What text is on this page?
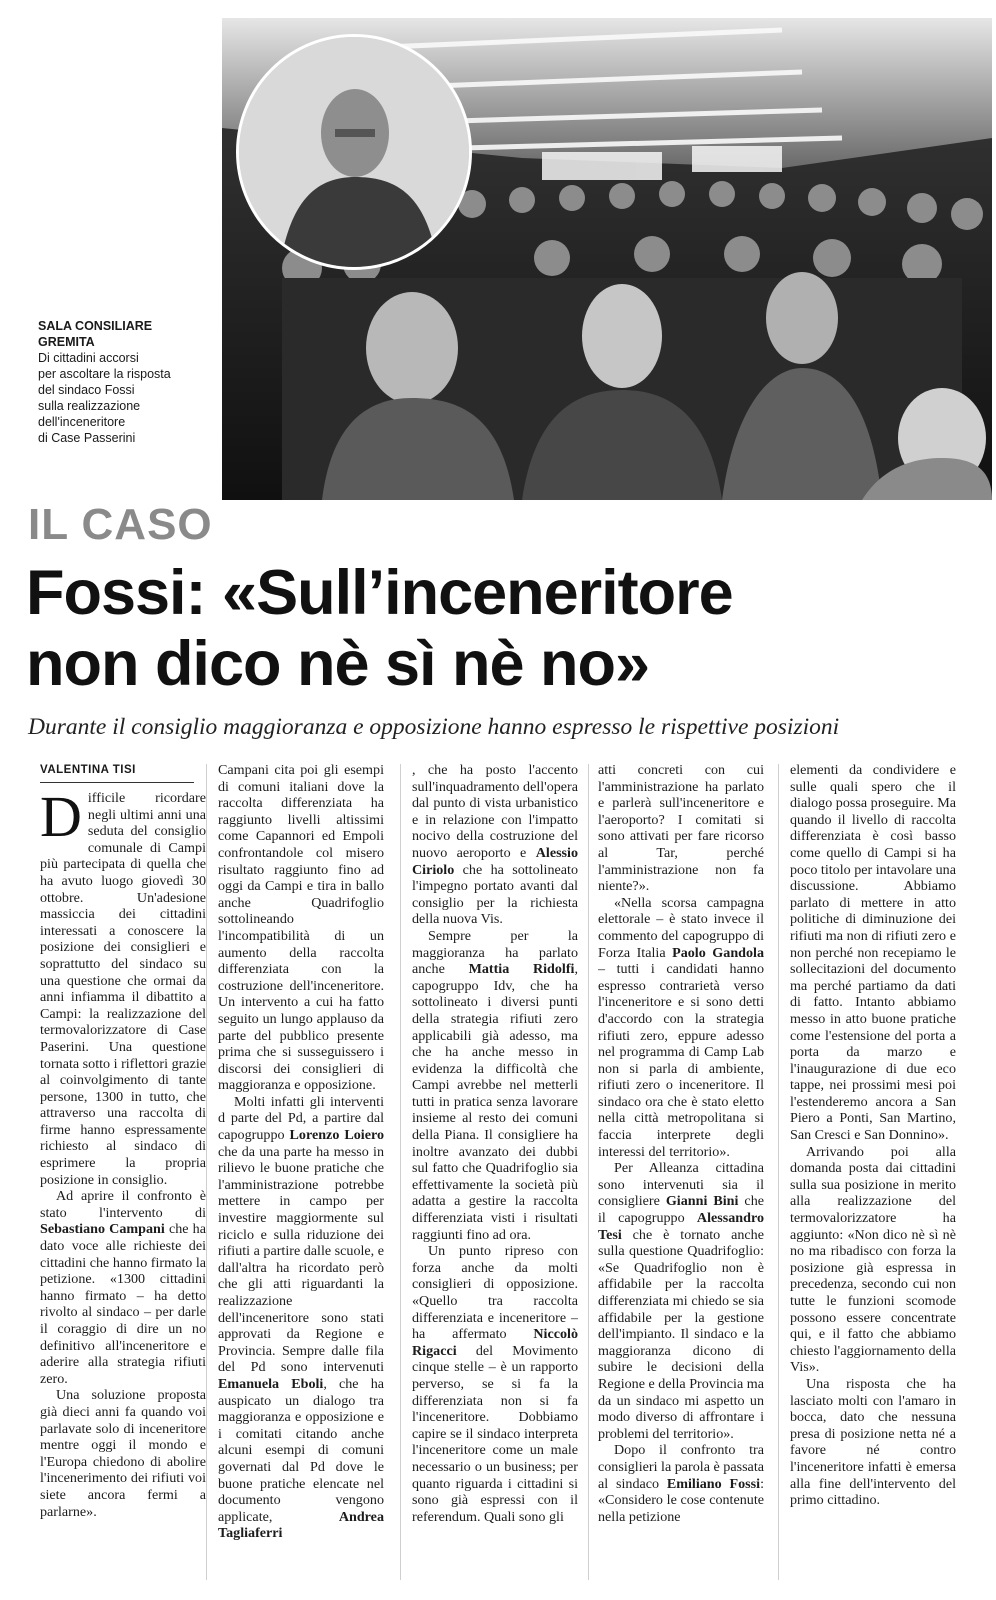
SALA CONSILIARE
GREMITA
Di cittadini accorsi
per ascoltare la risposta
del sindaco Fossi
sulla realizzazione
dell'inceneritore
di Case Passerini
IL CASO
Fossi: «Sull’inceneritore
non dico nè sì nè no»
Durante il consiglio maggioranza e opposizione hanno espresso le rispettive posizioni
VALENTINA TISI

Difficile ricordare negli ultimi anni una seduta del consiglio comunale di Campi più partecipata di quella che ha avuto luogo giovedì 30 ottobre. Un'adesione massiccia dei cittadini interessati a conoscere la posizione dei consiglieri e soprattutto del sindaco su una questione che ormai da anni infiamma il dibattito a Campi: la realizzazione del termovalorizzatore di Case Paserini. Una questione tornata sotto i riflettori grazie al coinvolgimento di tante persone, 1300 in tutto, che attraverso una raccolta di firme hanno espressamente richiesto al sindaco di esprimere la propria posizione in consiglio.

Ad aprire il confronto è stato l'intervento di Sebastiano Campani che ha dato voce alle richieste dei cittadini che hanno firmato la petizione. «1300 cittadini hanno firmato – ha detto rivolto al sindaco – per darle il coraggio di dire un no definitivo all'inceneritore e aderire alla strategia rifiuti zero.

Una soluzione proposta già dieci anni fa quando voi parlavate solo di inceneritore mentre oggi il mondo e l'Europa chiedono di abolire l'incenerimento dei rifiuti voi siete ancora fermi a parlarne».

Campani cita poi gli esempi di comuni italiani dove la raccolta differenziata ha raggiunto livelli altissimi come Capannori ed Empoli confrontandole col misero risultato raggiunto fino ad oggi da Campi e tira in ballo anche Quadrifoglio sottolineando l'incompatibilità di un aumento della raccolta differenziata con la costruzione dell'inceneritore. Un intervento a cui ha fatto seguito un lungo applauso da parte del pubblico presente prima che si susseguissero i discorsi dei consiglieri di maggioranza e opposizione.

Molti infatti gli interventi d parte del Pd, a partire dal capogruppo Lorenzo Loiero che da una parte ha messo in rilievo le buone pratiche che l'amministrazione potrebbe mettere in campo per investire maggiormente sul riciclo e sulla riduzione dei rifiuti a partire dalle scuole, e dall'altra ha ricordato però che gli atti riguardanti la realizzazione dell'inceneritore sono stati approvati da Regione e Provincia. Sempre dalle fila del Pd sono intervenuti Emanuela Eboli, che ha auspicato un dialogo tra maggioranza e opposizione e i comitati citando anche alcuni esempi di comuni governati dal Pd dove le buone pratiche elencate nel documento vengono applicate, Andrea Tagliaferri

, che ha posto l'accento sull'inquadramento dell'opera dal punto di vista urbanistico e in relazione con l'impatto nocivo della costruzione del nuovo aeroporto e Alessio Ciriolo che ha sottolineato l'impegno portato avanti dal consiglio per la richiesta della nuova Vis.

Sempre per la maggioranza ha parlato anche Mattia Ridolfi, capogruppo Idv, che ha sottolineato i diversi punti della strategia rifiuti zero applicabili già adesso, ma che ha anche messo in evidenza la difficoltà che Campi avrebbe nel metterli tutti in pratica senza lavorare insieme al resto dei comuni della Piana. Il consigliere ha inoltre avanzato dei dubbi sul fatto che Quadrifoglio sia effettivamente la società più adatta a gestire la raccolta differenziata visti i risultati raggiunti fino ad ora.

Un punto ripreso con forza anche da molti consiglieri di opposizione. «Quello tra raccolta differenziata e inceneritore – ha affermato Niccolò Rigacci del Movimento cinque stelle – è un rapporto perverso, se si fa la differenziata non si fa l'inceneritore. Dobbiamo capire se il sindaco interpreta l'inceneritore come un male necessario o un business; per quanto riguarda i cittadini si sono già espressi con il referendum. Quali sono gli

atti concreti con cui l'amministrazione ha parlato e parlerà sull'inceneritore e l'aeroporto? I comitati si sono attivati per fare ricorso al Tar, perché l'amministrazione non fa niente?».

«Nella scorsa campagna elettorale – è stato invece il commento del capogruppo di Forza Italia Paolo Gandola – tutti i candidati hanno espresso contrarietà verso l'inceneritore e si sono detti d'accordo con la strategia rifiuti zero, eppure adesso nel programma di Camp Lab non si parla di ambiente, rifiuti zero o inceneritore. Il sindaco ora che è stato eletto nella città metropolitana si faccia interprete degli interessi del territorio».

Per Alleanza cittadina sono intervenuti sia il consigliere Gianni Bini che il capogruppo Alessandro Tesi che è tornato anche sulla questione Quadrifoglio: «Se Quadrifoglio non è affidabile per la raccolta differenziata mi chiedo se sia affidabile per la gestione dell'impianto. Il sindaco e la maggioranza dicono di subire le decisioni della Regione e della Provincia ma da un sindaco mi aspetto un modo diverso di affrontare i problemi del territorio».

Dopo il confronto tra consiglieri la parola è passata al sindaco Emiliano Fossi: «Considero le cose contenute nella petizione

elementi da condividere e sulle quali spero che il dialogo possa proseguire. Ma quando il livello di raccolta differenziata è così basso come quello di Campi si ha poco titolo per intavolare una discussione. Abbiamo parlato di mettere in atto politiche di diminuzione dei rifiuti ma non di rifiuti zero e non perché non recepiamo le sollecitazioni del documento ma perché partiamo da dati di fatto. Intanto abbiamo messo in atto buone pratiche come l'estensione del porta a porta da marzo e l'inaugurazione di due eco tappe, nei prossimi mesi poi l'estenderemo ancora a San Piero a Ponti, San Martino, San Cresci e San Donnino».

Arrivando poi alla domanda posta dai cittadini sulla sua posizione in merito alla realizzazione del termovalorizzatore ha aggiunto: «Non dico nè sì nè no ma ribadisco con forza la posizione già espressa in precedenza, secondo cui non tutte le funzioni scomode possono essere concentrate qui, e il fatto che abbiamo chiesto l'aggiornamento della Vis».

Una risposta che ha lasciato molti con l'amaro in bocca, dato che nessuna presa di posizione netta né a favore né contro l'inceneritore infatti è emersa alla fine dell'intervento del primo cittadino.
